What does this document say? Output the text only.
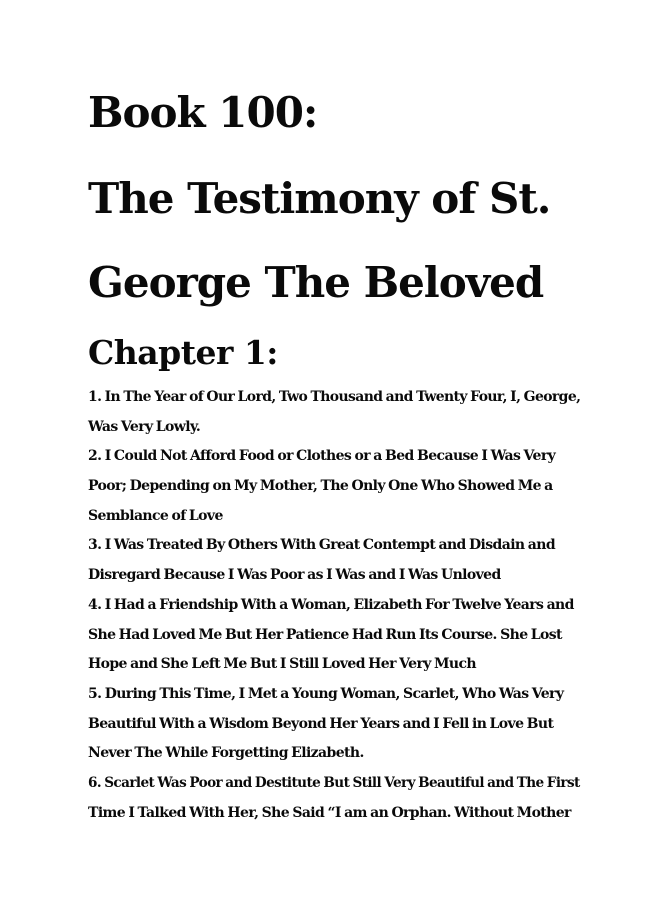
Book 100:
The Testimony of St.
George The Beloved
Chapter 1:
1. In The Year of Our Lord, Two Thousand and Twenty Four, I, George,
Was Very Lowly.
2. I Could Not Afford Food or Clothes or a Bed Because I Was Very
Poor; Depending on My Mother, The Only One Who Showed Me a
Semblance of Love
3. I Was Treated By Others With Great Contempt and Disdain and
Disregard Because I Was Poor as I Was and I Was Unloved
4. I Had a Friendship With a Woman, Elizabeth For Twelve Years and
She Had Loved Me But Her Patience Had Run Its Course. She Lost
Hope and She Left Me But I Still Loved Her Very Much
5. During This Time, I Met a Young Woman, Scarlet, Who Was Very
Beautiful With a Wisdom Beyond Her Years and I Fell in Love But
Never The While Forgetting Elizabeth.
6. Scarlet Was Poor and Destitute But Still Very Beautiful and The First
Time I Talked With Her, She Said “I am an Orphan. Without Mother
